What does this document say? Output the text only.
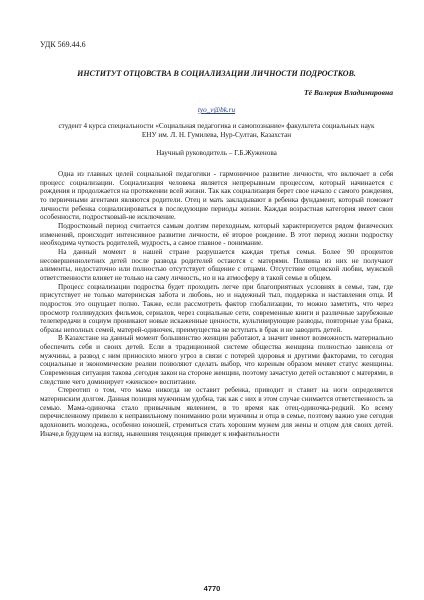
УДК 569.44.6
ИНСТИТУТ ОТЦОВСТВА В СОЦИАЛИЗАЦИИ ЛИЧНОСТИ ПОДРОСТКОВ.
Тё Валерия Владимировна
tyo_v@bk.ru
студент 4 курса специальности «Социальная педагогика и самопознание» факультета социальных наук ЕНУ им. Л. Н. Гумилева, Нур-Султан, Казахстан
Научный руководитель – Г.Б.Жуженова

Одна из главных целей социальной педагогики - гармоничное развитие личности, что включает в себя процесс социализации. Социализация человека является непрерывным процессом, который начинается с рождения и продолжается на протяжении всей жизни. Так как социализация берет свое начало с самого рождения, то первичными агентами являются родители. Отец и мать закладывают в ребенка фундамент, который поможет личности ребенка социализироваться в последующие периоды жизни. Каждая возрастная категория имеет свои особенности, подростковый-не исключение.

Подростковый период считается самым долгим переходным, который характеризуется рядом физических изменений, происходит интенсивное развитие личности, её второе рождение. В этот период жизни подростку необходима чуткость родителей, мудрость, а самое главное - понимание.

На данный момент в нашей стране разрушается каждая третья семья. Более 90 процентов несовершеннолетних детей после развода родителей остаются с матерями. Полвина из них не получают алименты, недостаточно или полностью отсутствует общение с отцами. Отсутствие отцовской любви, мужской ответственности влияет не только на саму личность, но и на атмосферу в такой семье в общем.

Процесс социализации подростка будет проходить легче при благоприятных условиях в семье, там, где присутствует не только материнская забота и любовь, но и надежный тыл, поддержка и наставления отца. И подросток это ощущает полно. Также, если рассмотреть фактор глобализации, то можно заметить, что через просмотр голливудских фильмов, сериалов, через социальные сети, современные книги и различные зарубежные телепередачи в социум проникают новые искаженные ценности, культивирующие разводы, повторные узы брака, образы неполных семей, матерей-одиночек, преимущества не вступать в брак и не заводить детей.

В Казахстане на данный момент большинство женщин работают, а значит имеют возможность материально обеспечить себя и своих детей. Если в традиционной системе общества женщина полностью зависела от мужчины, а развод с ним приносило много угроз в связи с потерей здоровья и другими факторами, то сегодня социальные и экономические реалии позволяют сделать выбор, что кореным образом меняет статус женщины. Современная ситуация такова ,сегодня закон на стороне женщин, поэтому зачастую детей оставляют с матерями, в следствие чего доминирует «женское» воспитание.

Стереотип о том, что мама никогда не оставит ребенка, приводит и ставит на ноги определяется материнским долгом. Данная позиция мужчинам удобна, так как с них в этом случае снимается ответственность за семью. Мама-одиночка стало привычным явлением, в то время как отец-одиночка-редкий. Ко всему перечисленному привело к неправильному пониманию роли мужчины и отца в семье, поэтому важно уже сегодня вдохновить молодежь, особенно юношей, стремиться стать хорошим мужем для жены и отцом для своих детей. Иначе,в будущем на взгляд, нынешняя тенденция приведет к инфантильности

4770
